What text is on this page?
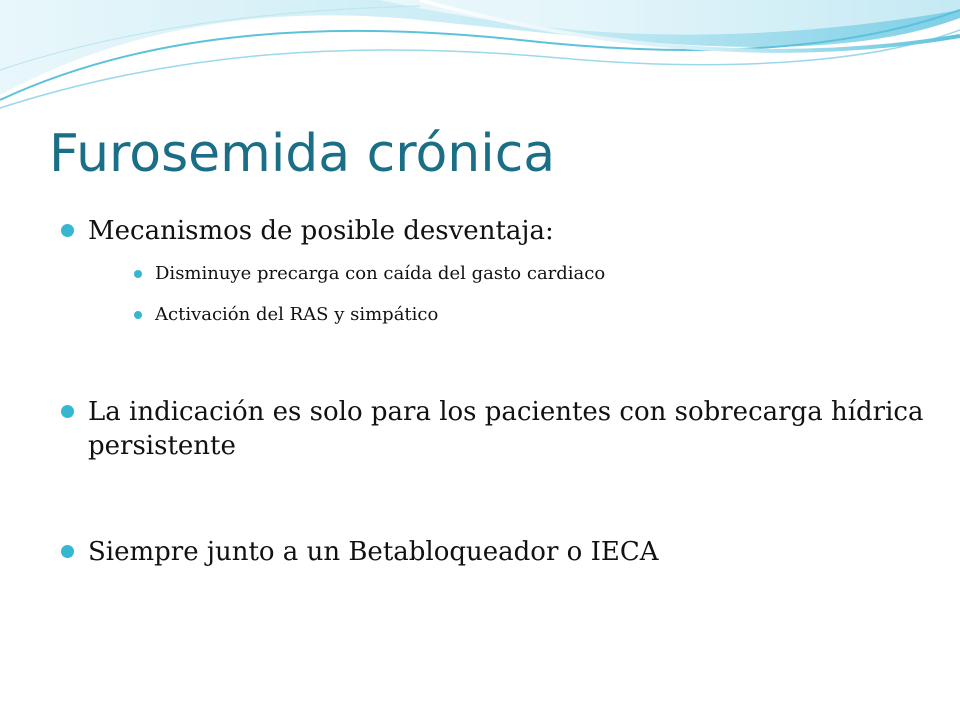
Furosemida crónica
Mecanismos de posible desventaja:
Disminuye precarga con caída del gasto cardiaco
Activación del RAS y simpático
La indicación es solo para los pacientes con sobrecarga hídrica persistente
Siempre junto a un Betabloqueador o IECA
